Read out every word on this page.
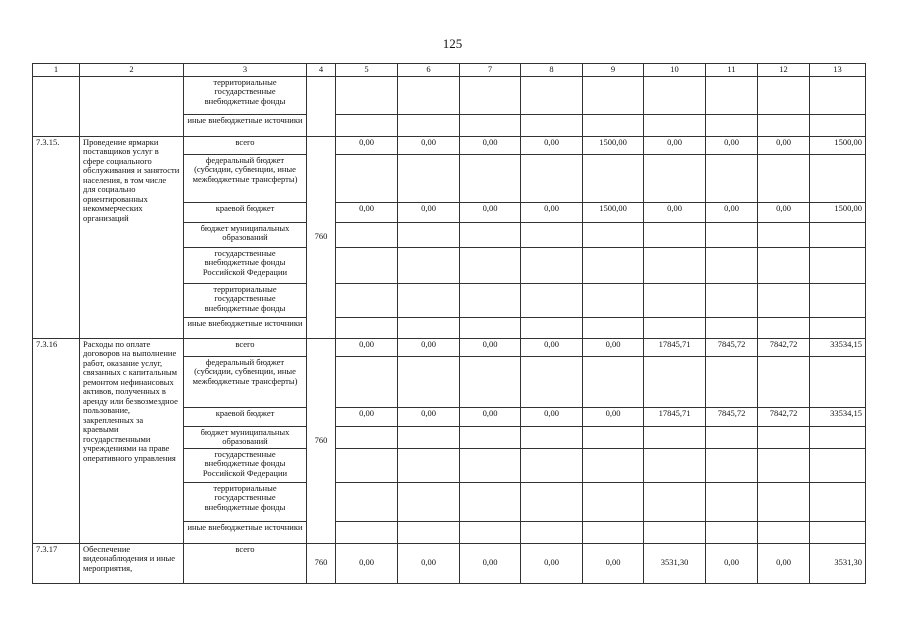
125
1	2	3	4	5	6	7	8	9	10	11	12	13
		территориальные государственные внебюджетные фонды										
		иные внебюджетные источники										
7.3.15.	Проведение ярмарки поставщиков услуг в сфере социального обслуживания и занятости населения, в том числе для социально ориентированных некоммерческих организаций	всего	760	0,00	0,00	0,00	0,00	1500,00	0,00	0,00	0,00	1500,00
		федеральный бюджет (субсидии, субвенции, иные межбюджетные трансферты)										
		краевой бюджет		0,00	0,00	0,00	0,00	1500,00	0,00	0,00	0,00	1500,00
		бюджет муниципальных образований										
		государственные внебюджетные фонды Российской Федерации										
		территориальные государственные внебюджетные фонды										
		иные внебюджетные источники										
7.3.16	Расходы по оплате договоров на выполнение работ, оказание услуг, связанных с капитальным ремонтом нефинансовых активов, полученных в аренду или безвозмездное пользование, закрепленных за краевыми государственными учреждениями на праве оперативного управления	всего	760	0,00	0,00	0,00	0,00	0,00	17845,71	7845,72	7842,72	33534,15
		федеральный бюджет (субсидии, субвенции, иные межбюджетные трансферты)										
		краевой бюджет		0,00	0,00	0,00	0,00	0,00	17845,71	7845,72	7842,72	33534,15
		бюджет муниципальных образований										
		государственные внебюджетные фонды Российской Федерации										
		территориальные государственные внебюджетные фонды										
		иные внебюджетные источники										
7.3.17	Обеспечение видеонаблюдения и иные мероприятия,	всего	760	0,00	0,00	0,00	0,00	0,00	3531,30	0,00	0,00	3531,30
